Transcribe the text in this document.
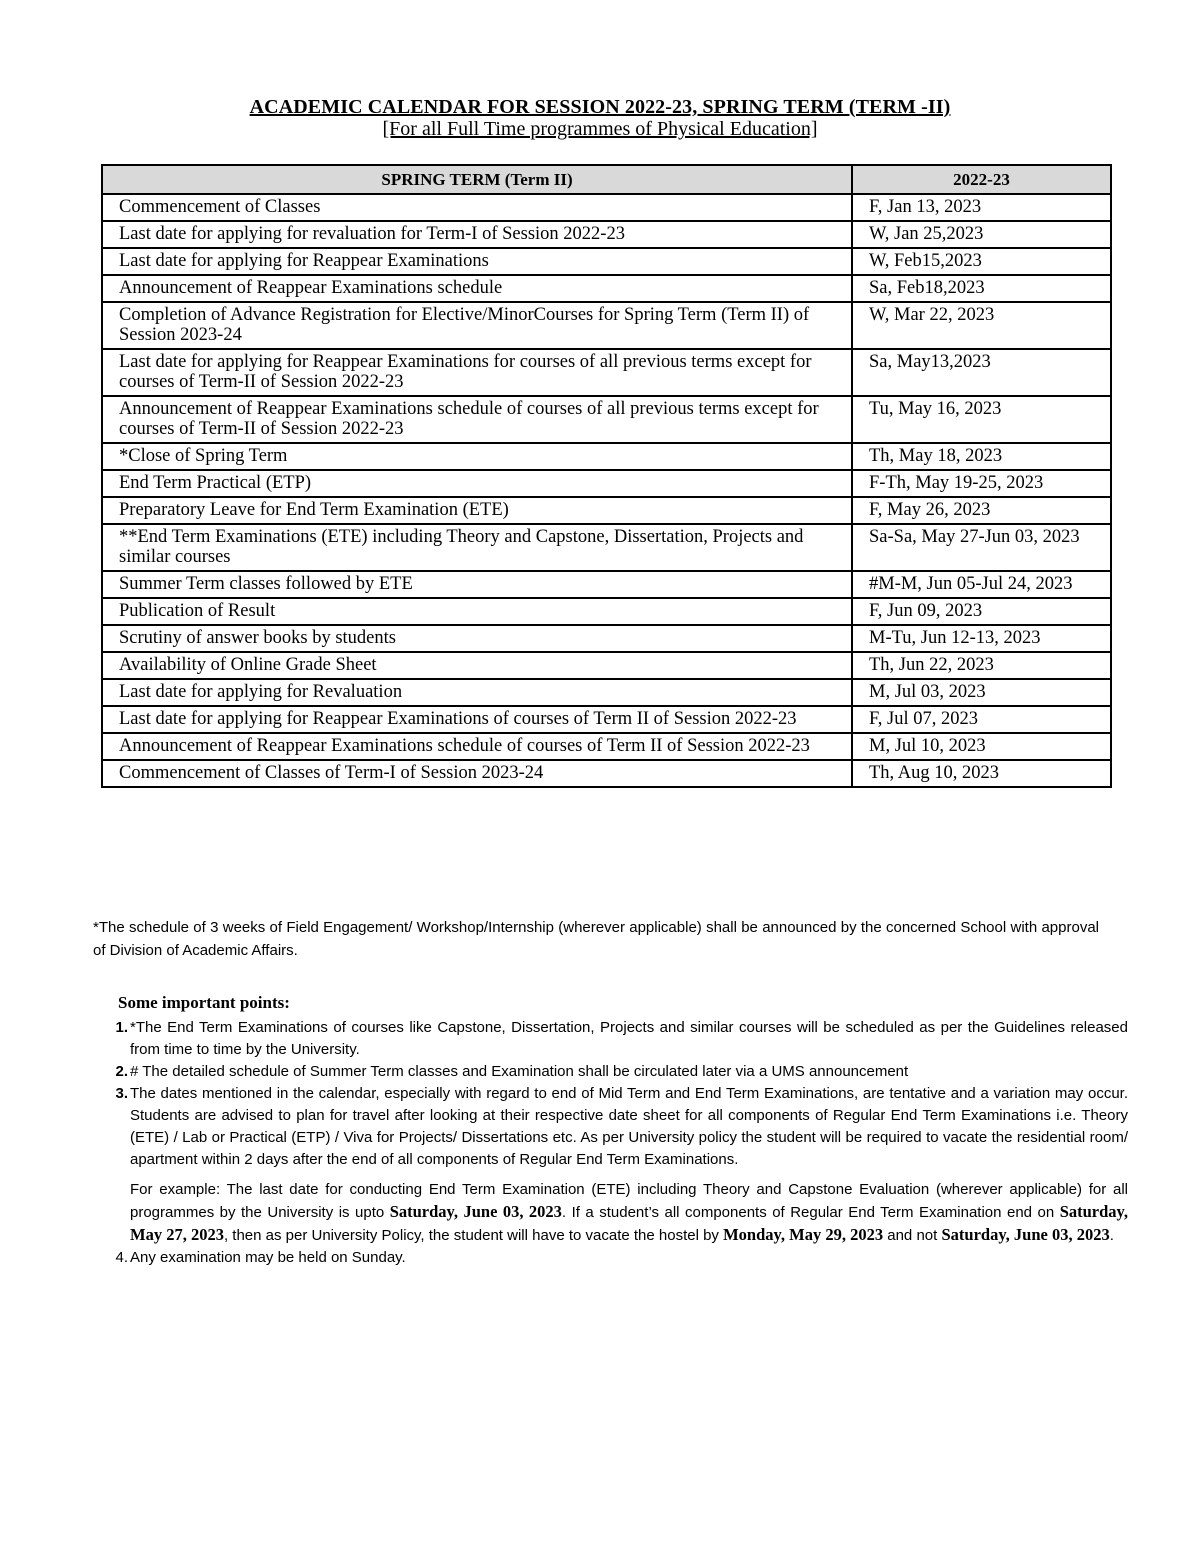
ACADEMIC CALENDAR FOR SESSION 2022-23, SPRING TERM (TERM -II)
[For all Full Time programmes of Physical Education]
SPRING TERM (Term II)	2022-23
Commencement of Classes	F, Jan 13, 2023
Last date for applying for revaluation for Term-I of Session 2022-23	W, Jan 25,2023
Last date for applying for Reappear Examinations	W, Feb15,2023
Announcement of Reappear Examinations schedule	Sa, Feb18,2023
Completion of Advance Registration for Elective/MinorCourses for Spring Term (Term II) of Session 2023-24	W, Mar 22, 2023
Last date for applying for Reappear Examinations for courses of all previous terms except for courses of Term-II of Session 2022-23	Sa, May13,2023
Announcement of Reappear Examinations schedule of courses of all previous terms except for courses of Term-II of Session 2022-23	Tu, May 16, 2023
*Close of Spring Term	Th, May 18, 2023
End Term Practical (ETP)	F-Th, May 19-25, 2023
Preparatory Leave for End Term Examination (ETE)	F, May 26, 2023
**End Term Examinations (ETE) including Theory and Capstone, Dissertation, Projects and similar courses	Sa-Sa, May 27-Jun 03, 2023
Summer Term classes followed by ETE	#M-M, Jun 05-Jul 24, 2023
Publication of Result	F, Jun 09, 2023
Scrutiny of answer books by students	M-Tu, Jun 12-13, 2023
Availability of Online Grade Sheet	Th, Jun 22, 2023
Last date for applying for Revaluation	M, Jul 03, 2023
Last date for applying for Reappear Examinations of courses of Term II of Session 2022-23	F, Jul 07, 2023
Announcement of Reappear Examinations schedule of courses of Term II of Session 2022-23	M, Jul 10, 2023
Commencement of Classes of Term-I of Session 2023-24	Th, Aug 10, 2023
*The schedule of 3 weeks of Field Engagement/ Workshop/Internship (wherever applicable) shall be announced by the concerned School with approval of Division of Academic Affairs.
Some important points:
1. *The End Term Examinations of courses like Capstone, Dissertation, Projects and similar courses will be scheduled as per the Guidelines released from time to time by the University.
2. # The detailed schedule of Summer Term classes and Examination shall be circulated later via a UMS announcement
3. The dates mentioned in the calendar, especially with regard to end of Mid Term and End Term Examinations, are tentative and a variation may occur. Students are advised to plan for travel after looking at their respective date sheet for all components of Regular End Term Examinations i.e. Theory (ETE) / Lab or Practical (ETP) / Viva for Projects/ Dissertations etc. As per University policy the student will be required to vacate the residential room/ apartment within 2 days after the end of all components of Regular End Term Examinations.
For example: The last date for conducting End Term Examination (ETE) including Theory and Capstone Evaluation (wherever applicable) for all programmes by the University is upto Saturday, June 03, 2023. If a student’s all components of Regular End Term Examination end on Saturday, May 27, 2023, then as per University Policy, the student will have to vacate the hostel by Monday, May 29, 2023 and not Saturday, June 03, 2023.
4. Any examination may be held on Sunday.
